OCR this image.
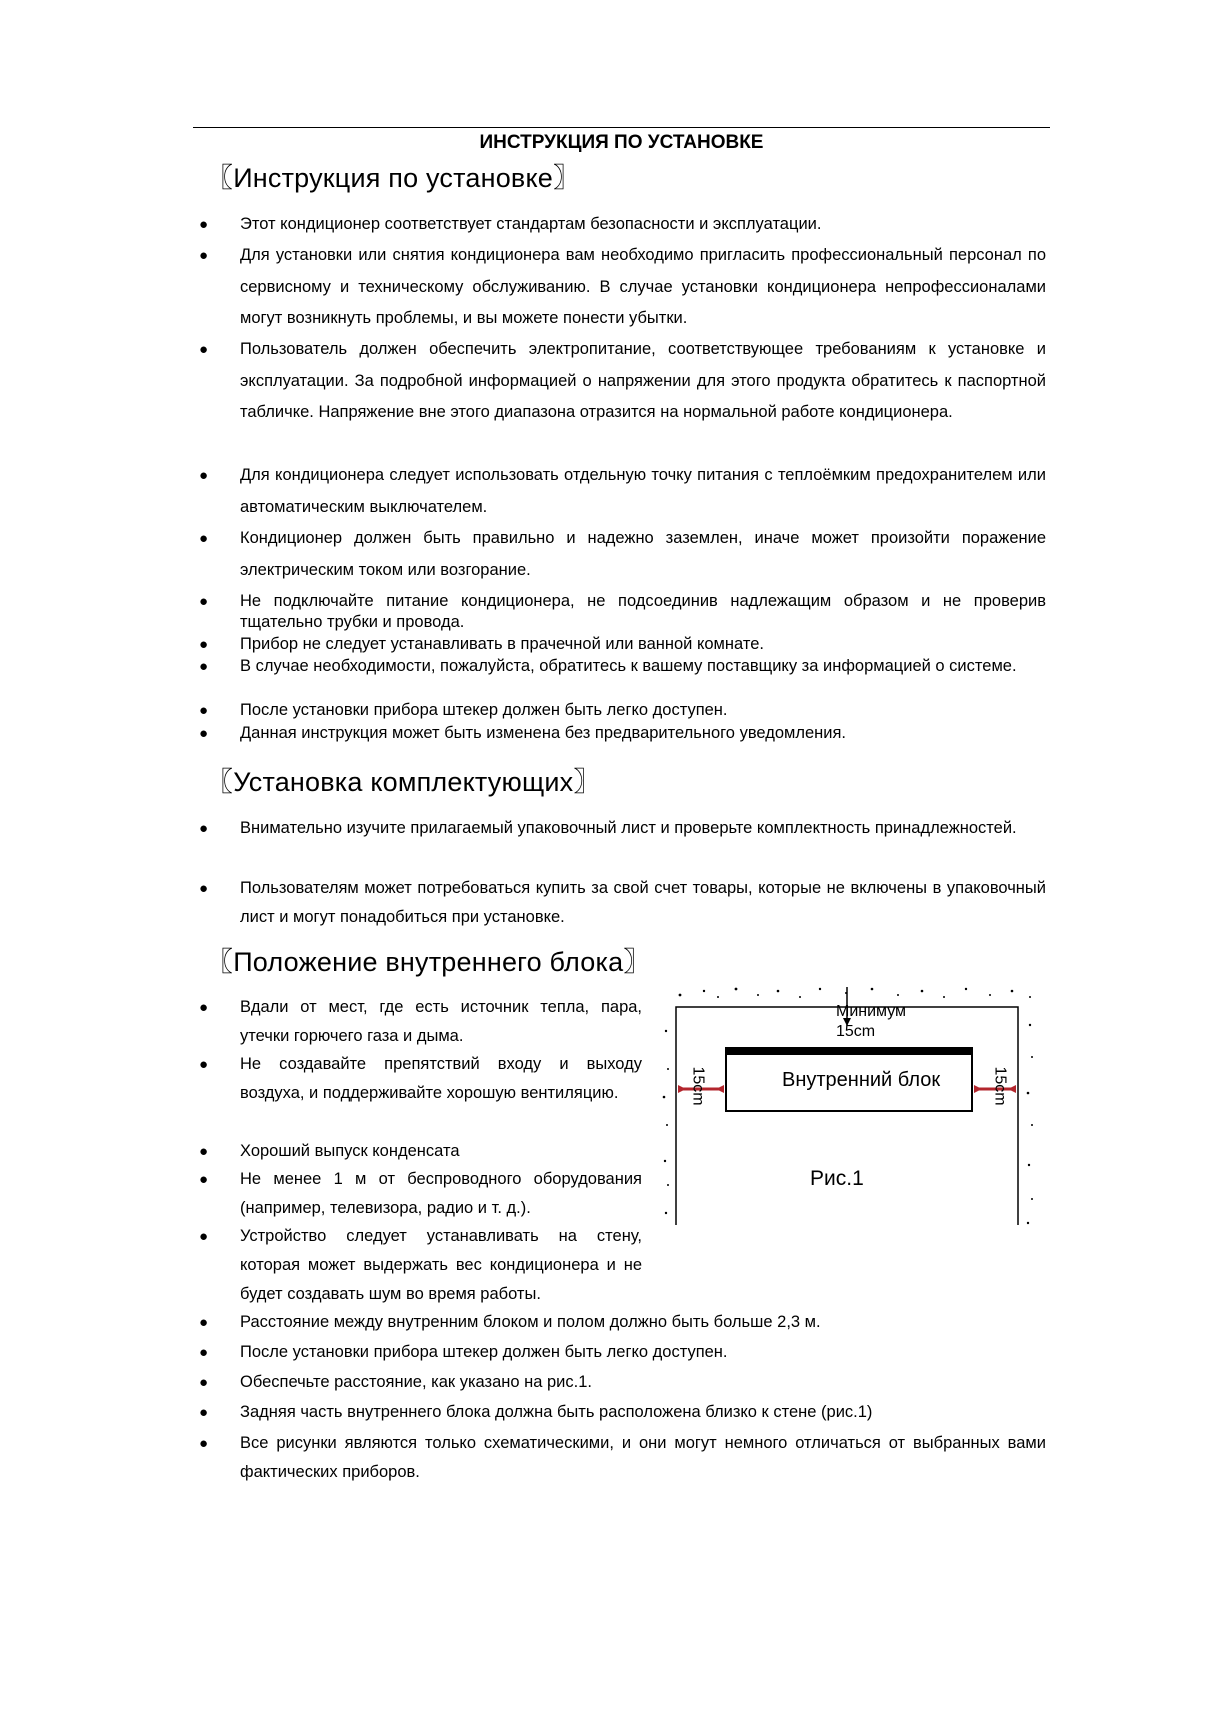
ИНСТРУКЦИЯ ПО УСТАНОВКЕ
〖Инструкция по установке〗
● Этот кондиционер соответствует стандартам безопасности и эксплуатации.
● Для установки или снятия кондиционера вам необходимо пригласить профессиональный персонал по сервисному и техническому обслуживанию. В случае установки кондиционера непрофессионалами могут возникнуть проблемы, и вы можете понести убытки.
● Пользователь должен обеспечить электропитание, соответствующее требованиям к установке и эксплуатации. За подробной информацией о напряжении для этого продукта обратитесь к паспортной табличке. Напряжение вне этого диапазона отразится на нормальной работе кондиционера.
● Для кондиционера следует использовать отдельную точку питания с теплоёмким предохранителем или автоматическим выключателем.
● Кондиционер должен быть правильно и надежно заземлен, иначе может произойти поражение электрическим током или возгорание.
● Не подключайте питание кондиционера, не подсоединив надлежащим образом и не проверив тщательно трубки и провода.
● Прибор не следует устанавливать в прачечной или ванной комнате.
● В случае необходимости, пожалуйста, обратитесь к вашему поставщику за информацией о системе.
● После установки прибора штекер должен быть легко доступен.
● Данная инструкция может быть изменена без предварительного уведомления.
〖Установка комплектующих〗
● Внимательно изучите прилагаемый упаковочный лист и проверьте комплектность принадлежностей.
● Пользователям может потребоваться купить за свой счет товары, которые не включены в упаковочный лист и могут понадобиться при установке.
〖Положение внутреннего блока〗
● Вдали от мест, где есть источник тепла, пара, утечки горючего газа и дыма.
● Не создавайте препятствий входу и выходу воздуха, и поддерживайте хорошую вентиляцию.
● Хороший выпуск конденсата
● Не менее 1 м от беспроводного оборудования (например, телевизора, радио и т. д.).
● Устройство следует устанавливать на стену, которая может выдержать вес кондиционера и не будет создавать шум во время работы.
● Расстояние между внутренним блоком и полом должно быть больше 2,3 м.
● После установки прибора штекер должен быть легко доступен.
● Обеспечьте расстояние, как указано на рис.1.
● Задняя часть внутреннего блока должна быть расположена близко к стене (рис.1)
● Все рисунки являются только схематическими, и они могут немного отличаться от выбранных вами фактических приборов.
Минимум
15cm
Внутренний блок
15cm	15cm
Рис.1
